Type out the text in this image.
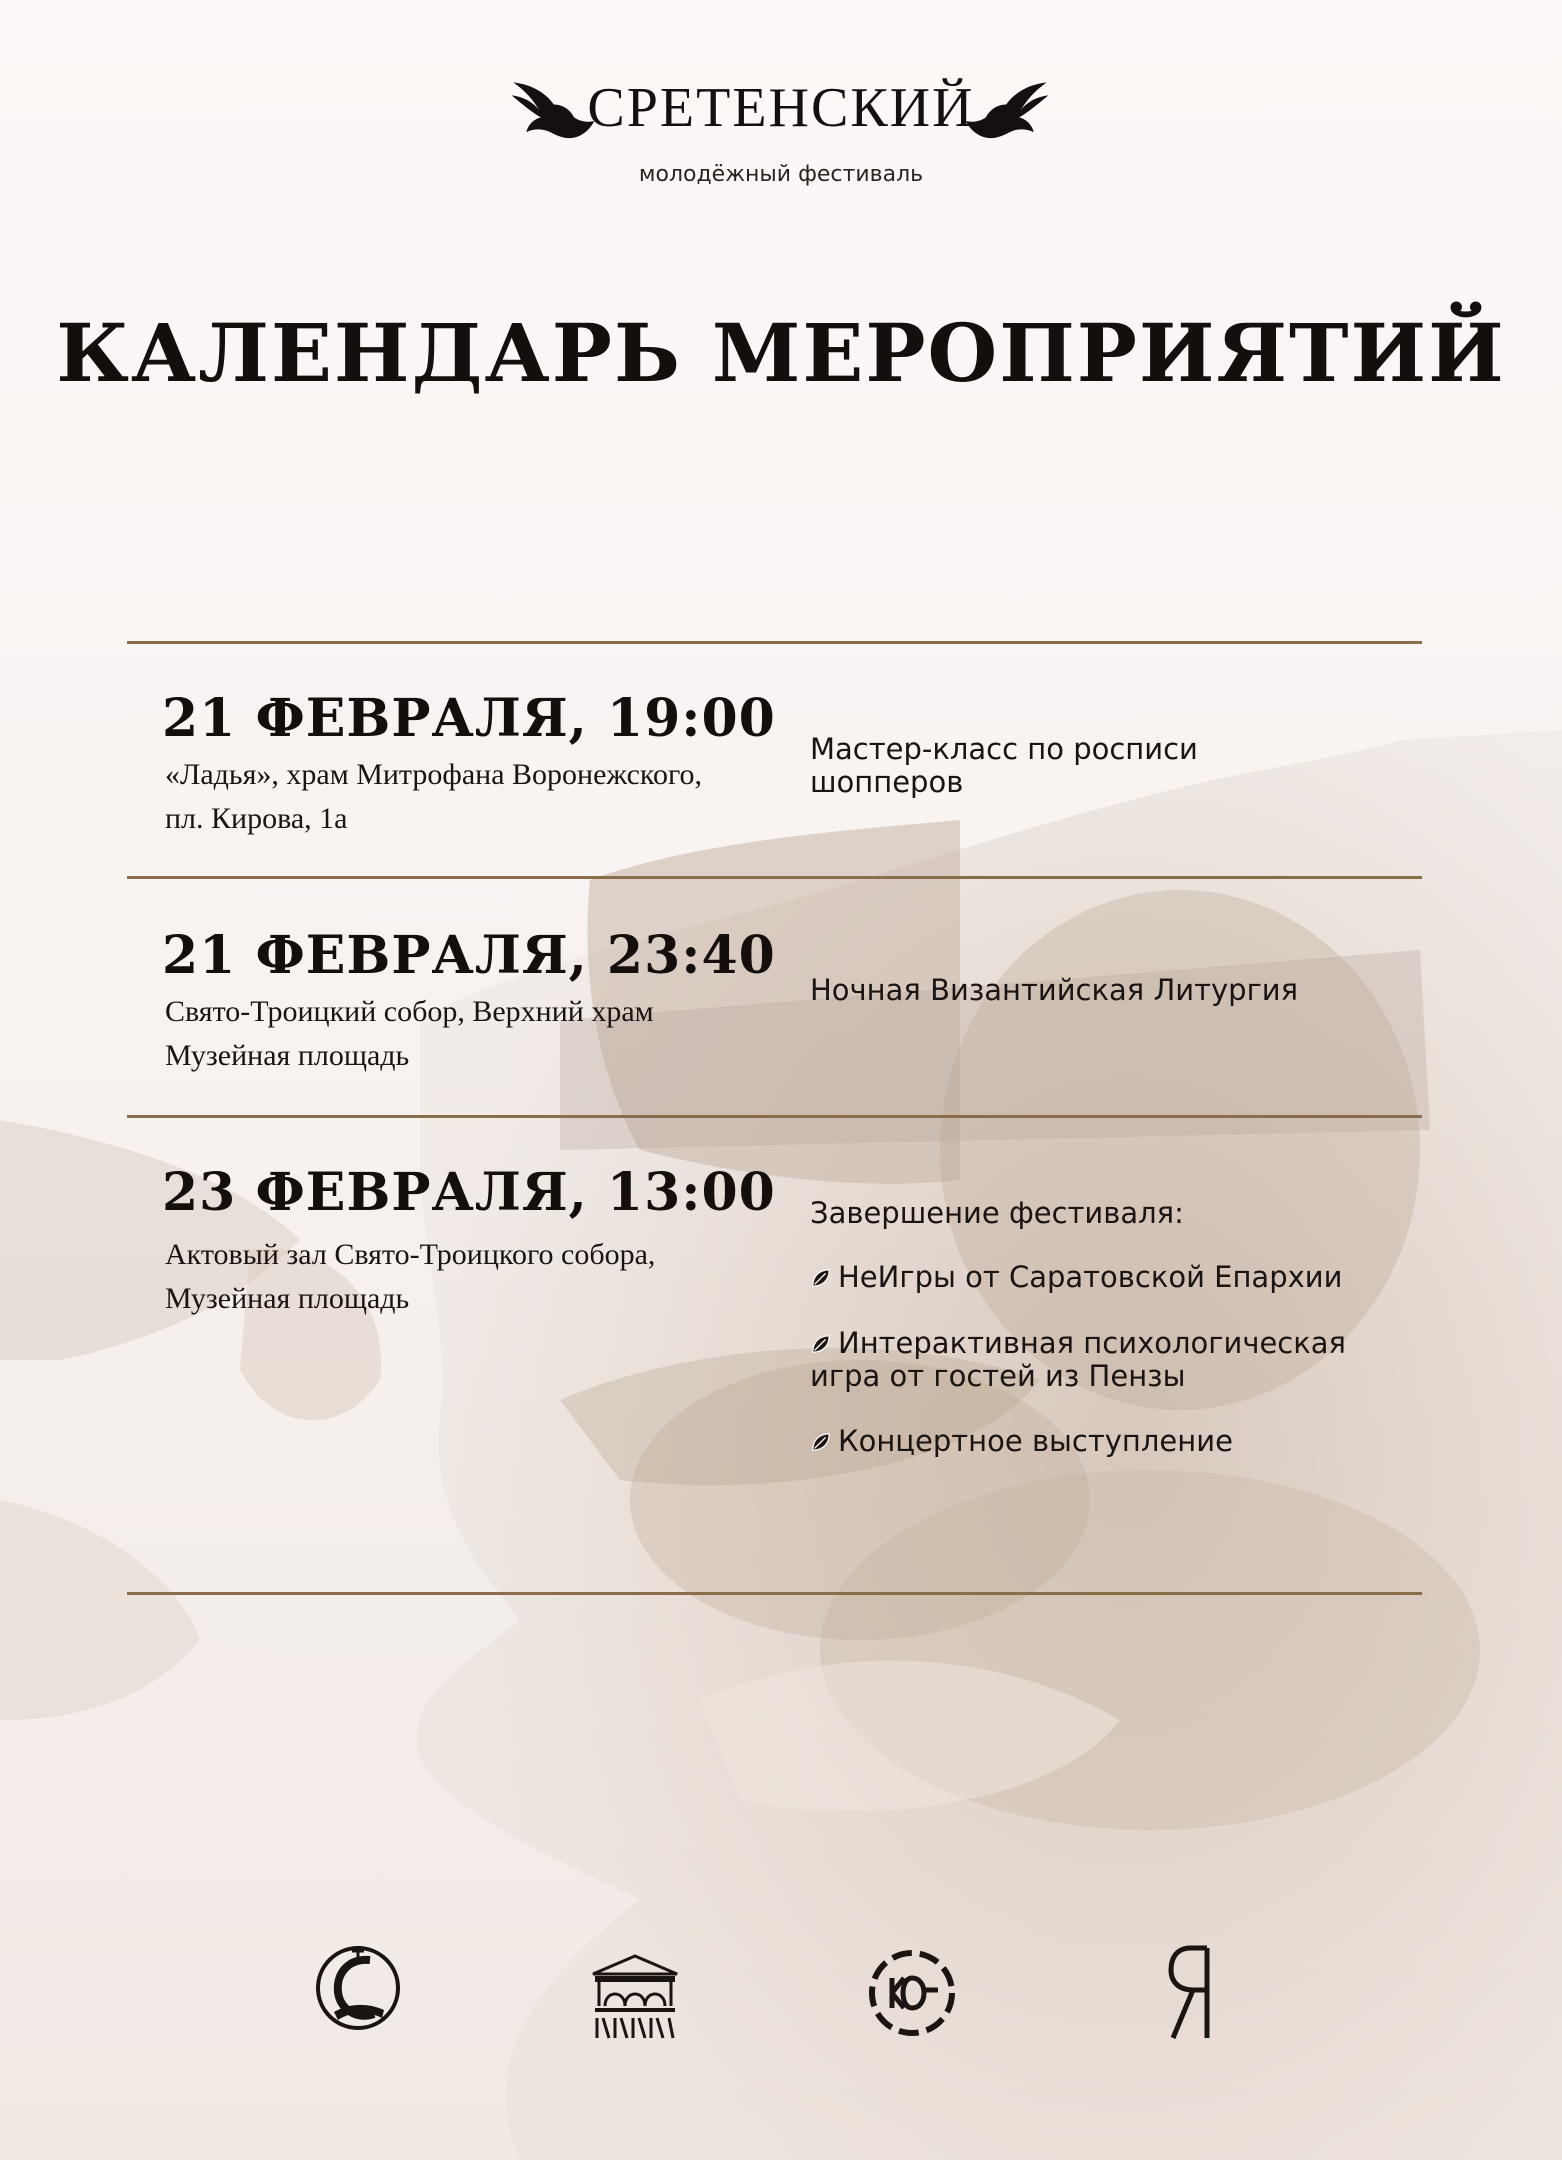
СРЕТЕНСКИЙ
молодёжный фестиваль
КАЛЕНДАРЬ МЕРОПРИЯТИЙ
21 ФЕВРАЛЯ, 19:00
«Ладья», храм Митрофана Воронежского,
пл. Кирова, 1а
Мастер-класс по росписи
шопперов
21 ФЕВРАЛЯ, 23:40
Свято-Троицкий собор, Верхний храм
Музейная площадь
Ночная Византийская Литургия
23 ФЕВРАЛЯ, 13:00
Актовый зал Свято-Троицкого собора,
Музейная площадь
Завершение фестиваля:
НеИгры от Саратовской Епархии
Интерактивная психологическая
игра от гостей из Пензы
Концертное выступление
